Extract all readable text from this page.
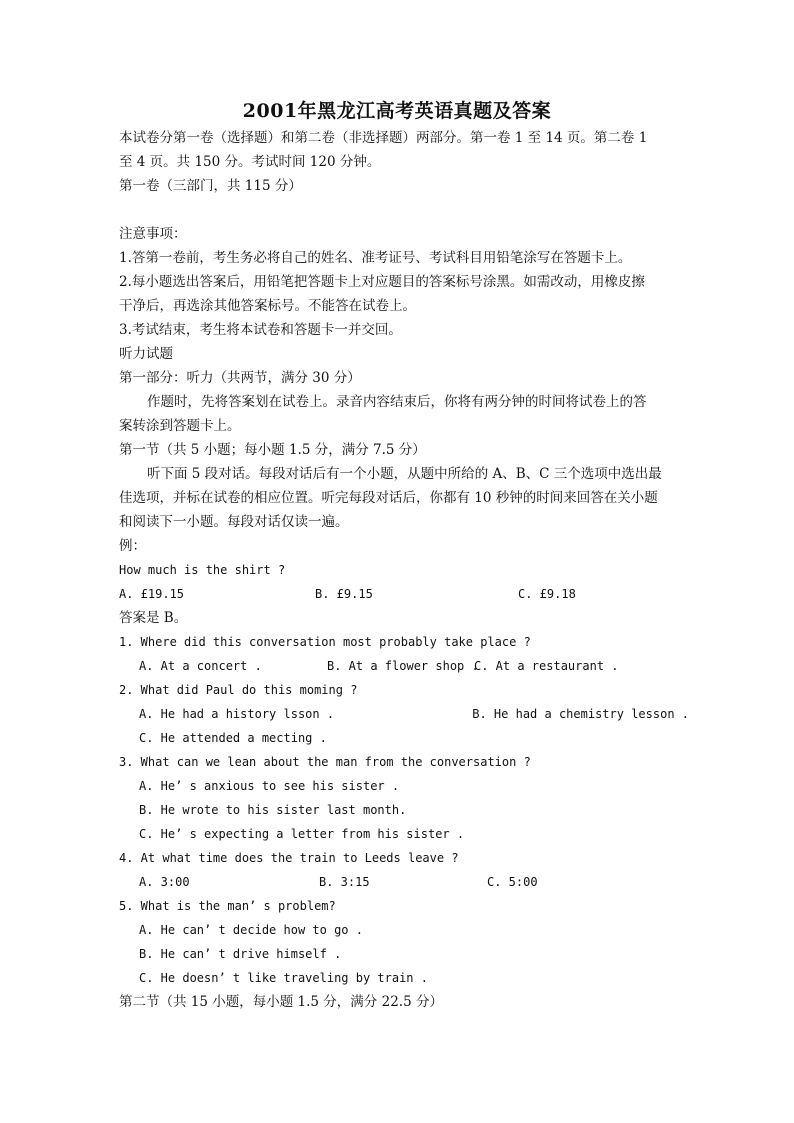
2001年黑龙江高考英语真题及答案
本试卷分第一卷（选择题）和第二卷（非选择题）两部分。第一卷 1 至 14 页。第二卷 1
至 4 页。共 150 分。考试时间 120 分钟。
第一卷（三部门，共 115 分）
注意事项：
1.答第一卷前，考生务必将自己的姓名、准考证号、考试科目用铅笔涂写在答题卡上。
2.每小题选出答案后，用铅笔把答题卡上对应题目的答案标号涂黑。如需改动，用橡皮擦
干净后，再选涂其他答案标号。不能答在试卷上。
3.考试结束，考生将本试卷和答题卡一并交回。
听力试题
第一部分：听力（共两节，满分 30 分）
作题时，先将答案划在试卷上。录音内容结束后，你将有两分钟的时间将试卷上的答
案转涂到答题卡上。
第一节（共 5 小题；每小题 1.5 分，满分 7.5 分）
听下面 5 段对话。每段对话后有一个小题，从题中所给的 A、B、C 三个选项中选出最
佳选项，并标在试卷的相应位置。听完每段对话后，你都有 10 秒钟的时间来回答在关小题
和阅读下一小题。每段对话仅读一遍。
例：
How much is the shirt ?
A. £19.15	B. £9.15	C. £9.18
答案是 B。
1. Where did this conversation most probably take place ?
A. At a concert .	B. At a flower shop .
C. At a restaurant .
2. What did Paul do this moming ?
A. He had a history lsson .	B. He had a chemistry lesson .
C. He attended a mecting .
3. What can we lean about the man from the conversation ?
A. He’ s anxious to see his sister .
B. He wrote to his sister last month.
C. He’ s expecting a letter from his sister .
4. At what time does the train to Leeds leave ?
A. 3:00	B. 3:15	C. 5:00
5. What is the man’ s problem?
A. He can’ t decide how to go .
B. He can’ t drive himself .
C. He doesn’ t like traveling by train .
第二节（共 15 小题，每小题 1.5 分，满分 22.5 分）
